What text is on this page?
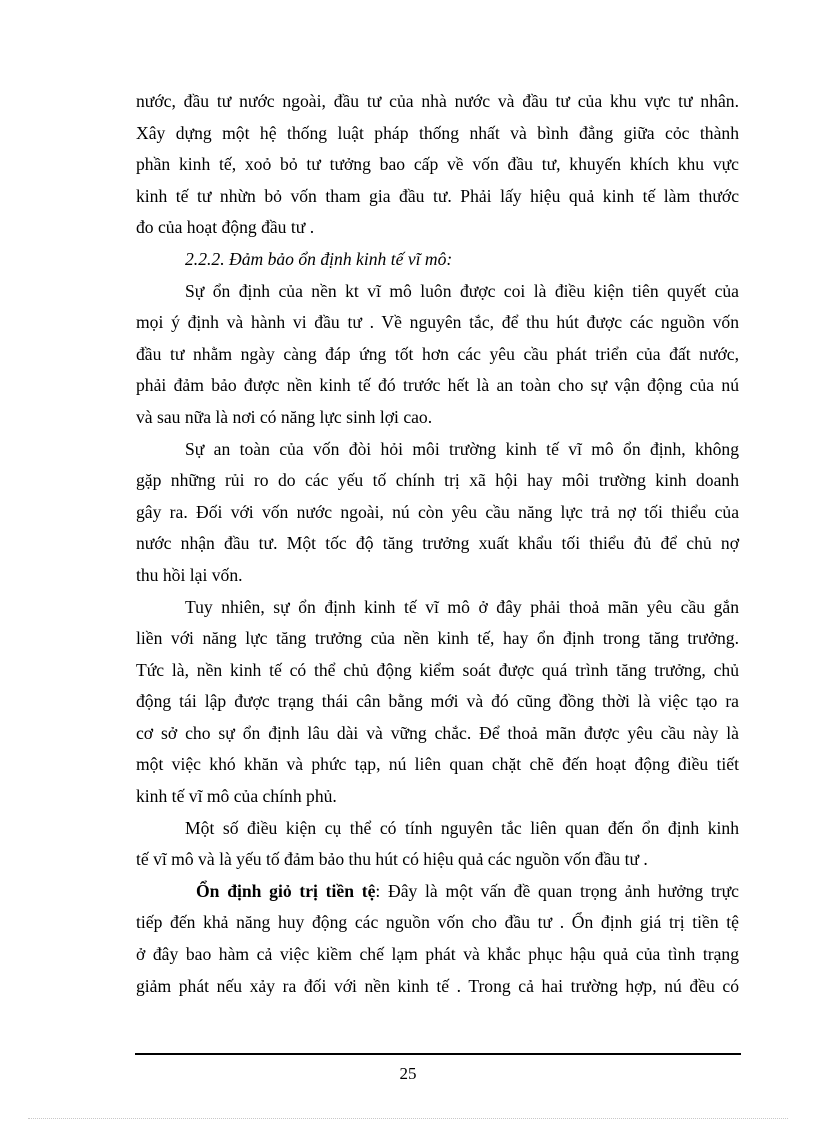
nước, đầu tư nước ngoài, đầu tư của nhà nước và đầu tư của khu vực tư nhân.
Xây dựng một hệ thống luật pháp thống nhất và bình đẳng giữa cỏc thành
phần kinh tế, xoỏ bỏ tư tưởng bao cấp về vốn đầu tư, khuyến khích khu vực
kinh tế tư nhừn bỏ vốn tham gia đầu tư. Phải lấy hiệu quả kinh tế làm thước
đo của hoạt động đầu tư .
2.2.2. Đảm bảo ổn định kinh tế vĩ mô:
Sự ổn định của nền kt vĩ mô luôn được coi là điều kiện tiên quyết của
mọi ý định và hành vi đầu tư . Về nguyên tắc, để thu hút được các nguồn vốn
đầu tư nhằm ngày càng đáp ứng tốt hơn các yêu cầu phát triển của đất nước,
phải đảm bảo được nền kinh tế đó trước hết là an toàn cho sự vận động của nú
và sau nữa là nơi có năng lực sinh lợi cao.
Sự an toàn của vốn đòi hỏi môi trường kinh tế vĩ mô ổn định, không
gặp những rủi ro do các yếu tố chính trị xã hội hay môi trường kinh doanh
gây ra. Đối với vốn nước ngoài, nú còn yêu cầu năng lực trả nợ tối thiểu của
nước nhận đầu tư. Một tốc độ tăng trưởng xuất khẩu tối thiểu đủ để chủ nợ
thu hồi lại vốn.
Tuy nhiên, sự ổn định kinh tế vĩ mô ở đây phải thoả mãn yêu cầu gắn
liền với năng lực tăng trưởng của nền kinh tế, hay ổn định trong tăng trưởng.
Tức là, nền kinh tế có thể chủ động kiểm soát được quá trình tăng trưởng, chủ
động tái lập được trạng thái cân bằng mới và đó cũng đồng thời là việc tạo ra
cơ sở cho sự ổn định lâu dài và vững chắc. Để thoả mãn được yêu cầu này là
một việc khó khăn và phức tạp, nú liên quan chặt chẽ đến hoạt động điều tiết
kinh tế vĩ mô của chính phủ.
Một số điều kiện cụ thể có tính nguyên tắc liên quan đến ổn định kinh
tế vĩ mô và là yếu tố đảm bảo thu hút có hiệu quả các nguồn vốn đầu tư .
Ổn định giỏ trị tiền tệ: Đây là một vấn đề quan trọng ảnh hưởng trực
tiếp đến khả năng huy động các nguồn vốn cho đầu tư . Ổn định giá trị tiền tệ
ở đây bao hàm cả việc kiềm chế lạm phát và khắc phục hậu quả của tình trạng
giảm phát nếu xảy ra đối với nền kinh tế . Trong cả hai trường hợp, nú đều có
25
